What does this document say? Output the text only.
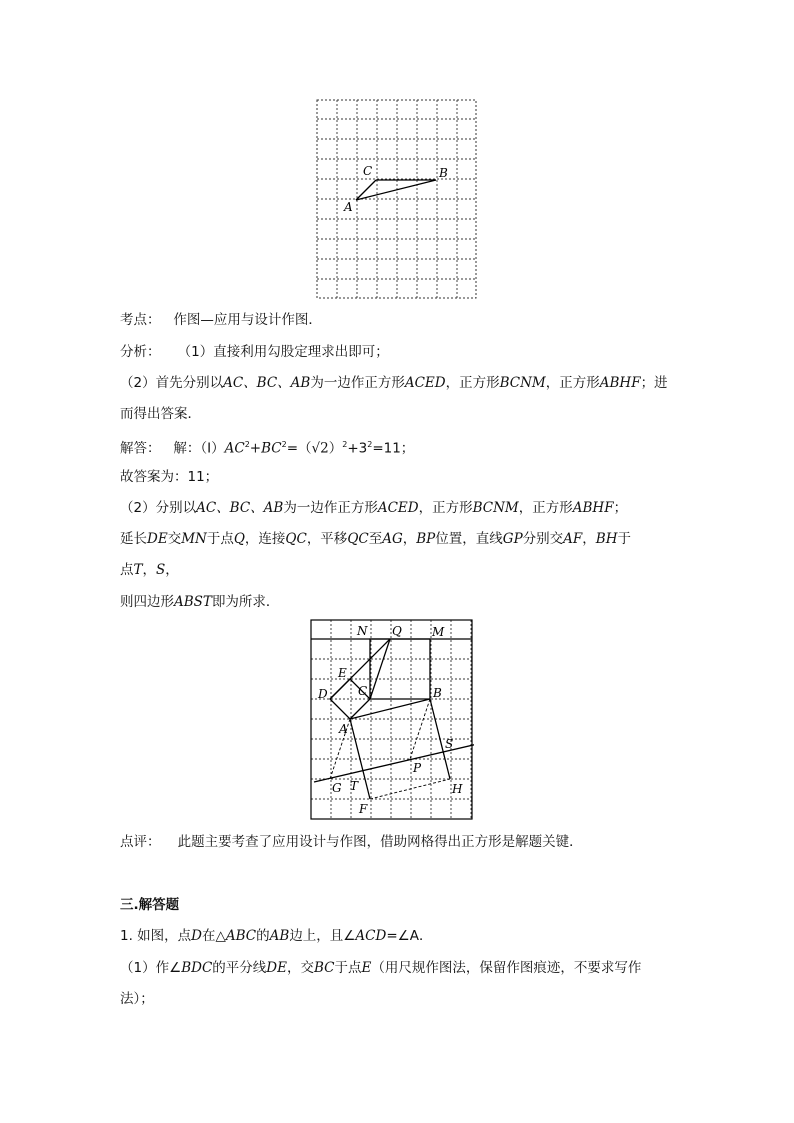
C	B
A
考点： 作图—应用与设计作图．
分析： （1）直接利用勾股定理求出即可；
（2）首先分别以AC、BC、AB为一边作正方形ACED，正方形BCNM，正方形ABHF；进
而得出答案．
解答： 解：$(Ⅰ)AC^2+BC^2=(√2)^2+3^2=11$；
故答案为：11；
（2）分别以AC、BC、AB为一边作正方形ACED，正方形BCNM，正方形ABHF；
延长DE交MN于点Q，连接QC，平移QC至AG，BP位置，直线GP分别交AF，BH于
点T，S，
则四边形ABST即为所求．
N Q	M
E
D	C	B
A
S
P
G T	H
F
点评： 此题主要考查了应用设计与作图，借助网格得出正方形是解题关键．
三.解答题
1. 如图，点D在△ABC的AB边上，且∠ACD=∠A．
（1）作∠BDC的平分线DE，交BC于点E（用尺规作图法，保留作图痕迹，不要求写作
法）；
